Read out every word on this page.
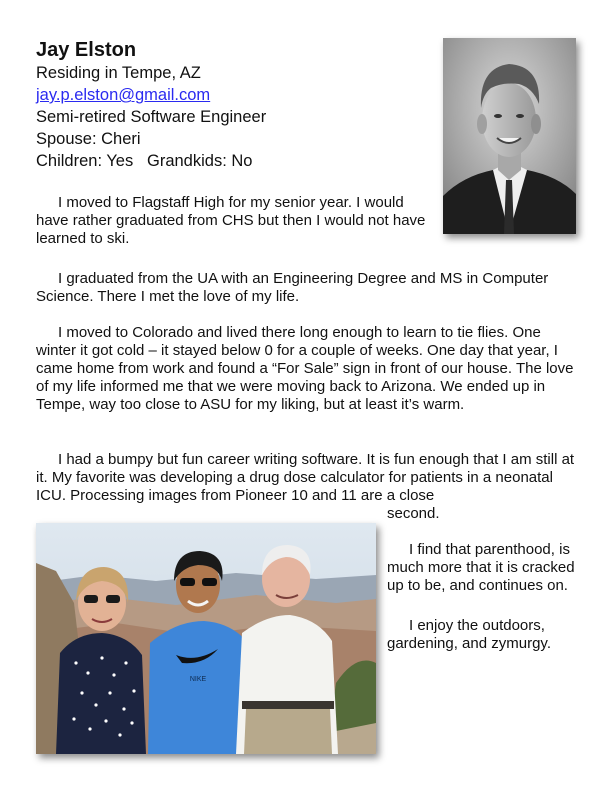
Jay Elston

Residing in Tempe, AZ

jay.p.elston@gmail.com

Semi-retired Software Engineer

Spouse: Cheri

Children: Yes   Grandkids: No

I moved to Flagstaff High for my senior year. I would have rather graduated from CHS but then I would not have learned to ski.

I graduated from the UA with an Engineering Degree and MS in Computer Science. There I met the love of my life.

I moved to Colorado and lived there long enough to learn to tie flies. One winter it got cold – it stayed below 0 for a couple of weeks. One day that year, I came home from work and found a “For Sale” sign in front of our house. The love of my life informed me that we were moving back to Arizona. We ended up in Tempe, way too close to ASU for my liking, but at least it’s warm.

I had a bumpy but fun career writing software. It is fun enough that I am still at it. My favorite was developing a drug dose calculator for patients in a neonatal ICU. Processing images from Pioneer 10 and 11 are a close

second.

NIKE

I find that parenthood, is much more that it is cracked up to be, and continues on.

I enjoy the outdoors, gardening, and zymurgy.
